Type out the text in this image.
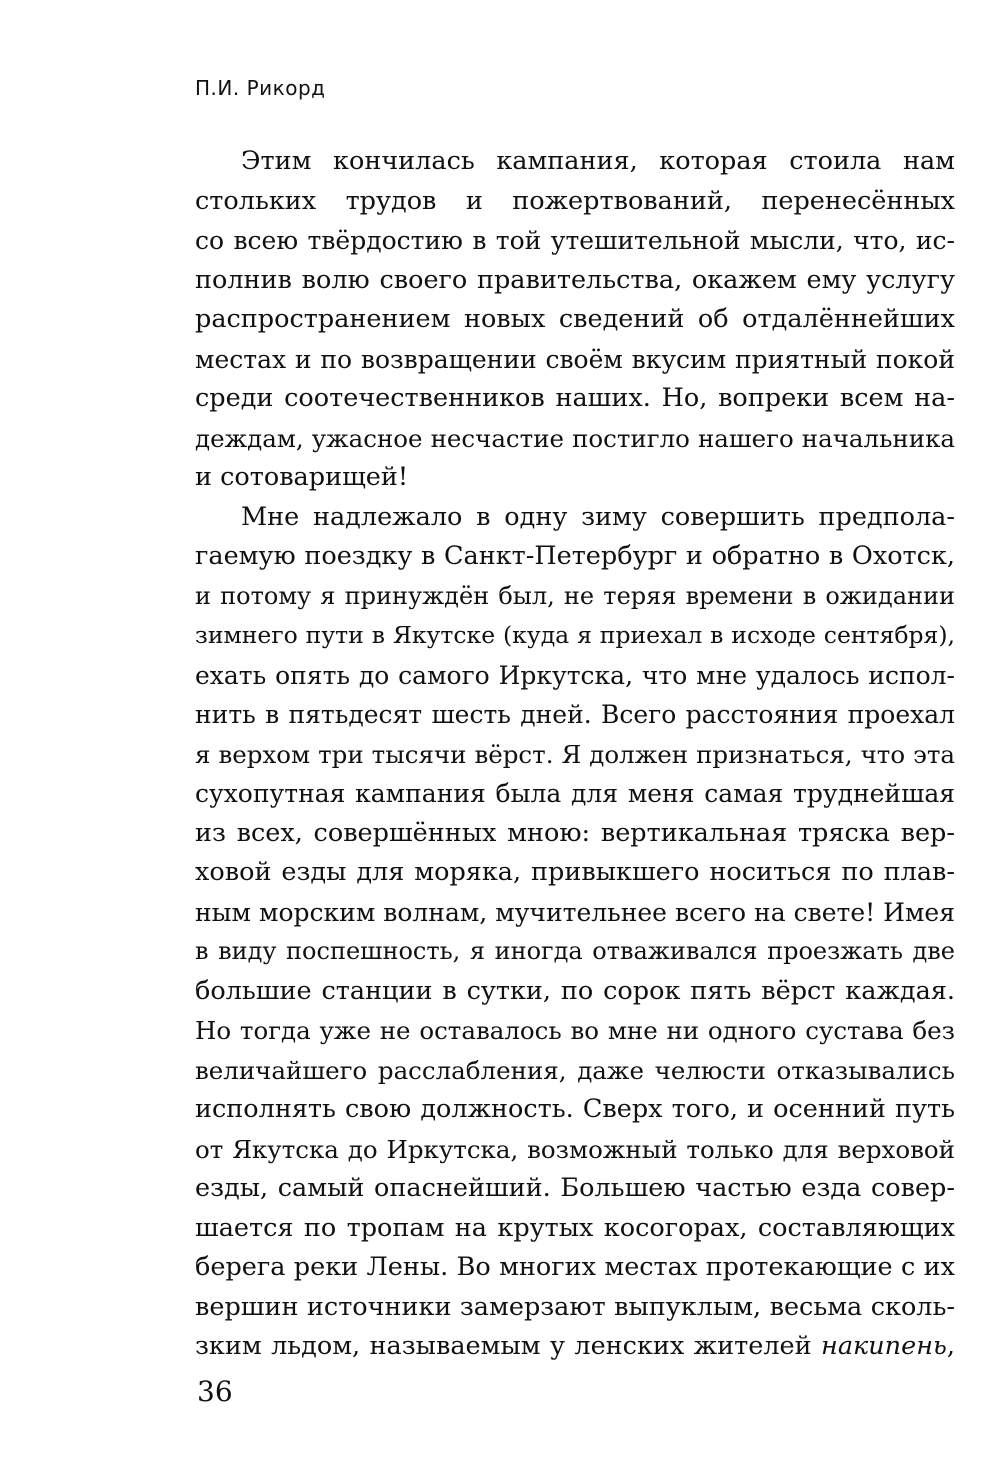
П.И. Рикорд
Этим кончилась кампания, которая стоила нам
стольких трудов и пожертвований, перенесённых
со всею твёрдостию в той утешительной мысли, что, ис-
полнив волю своего правительства, окажем ему услугу
распространением новых сведений об отдалённейших
местах и по возвращении своём вкусим приятный покой
среди соотечественников наших. Но, вопреки всем на-
деждам, ужасное несчастие постигло нашего начальника
и сотоварищей!
Мне надлежало в одну зиму совершить предпола-
гаемую поездку в Санкт-Петербург и обратно в Охотск,
и потому я принуждён был, не теряя времени в ожидании
зимнего пути в Якутске (куда я приехал в исходе сентября),
ехать опять до самого Иркутска, что мне удалось испол-
нить в пятьдесят шесть дней. Всего расстояния проехал
я верхом три тысячи вёрст. Я должен признаться, что эта
сухопутная кампания была для меня самая труднейшая
из всех, совершённых мною: вертикальная тряска вер-
ховой езды для моряка, привыкшего носиться по плав-
ным морским волнам, мучительнее всего на свете! Имея
в виду поспешность, я иногда отваживался проезжать две
большие станции в сутки, по сорок пять вёрст каждая.
Но тогда уже не оставалось во мне ни одного сустава без
величайшего расслабления, даже челюсти отказывались
исполнять свою должность. Сверх того, и осенний путь
от Якутска до Иркутска, возможный только для верховой
езды, самый опаснейший. Большею частью езда совер-
шается по тропам на крутых косогорах, составляющих
берега реки Лены. Во многих местах протекающие с их
вершин источники замерзают выпуклым, весьма сколь-
зким льдом, называемым у ленских жителей накипень,
36
